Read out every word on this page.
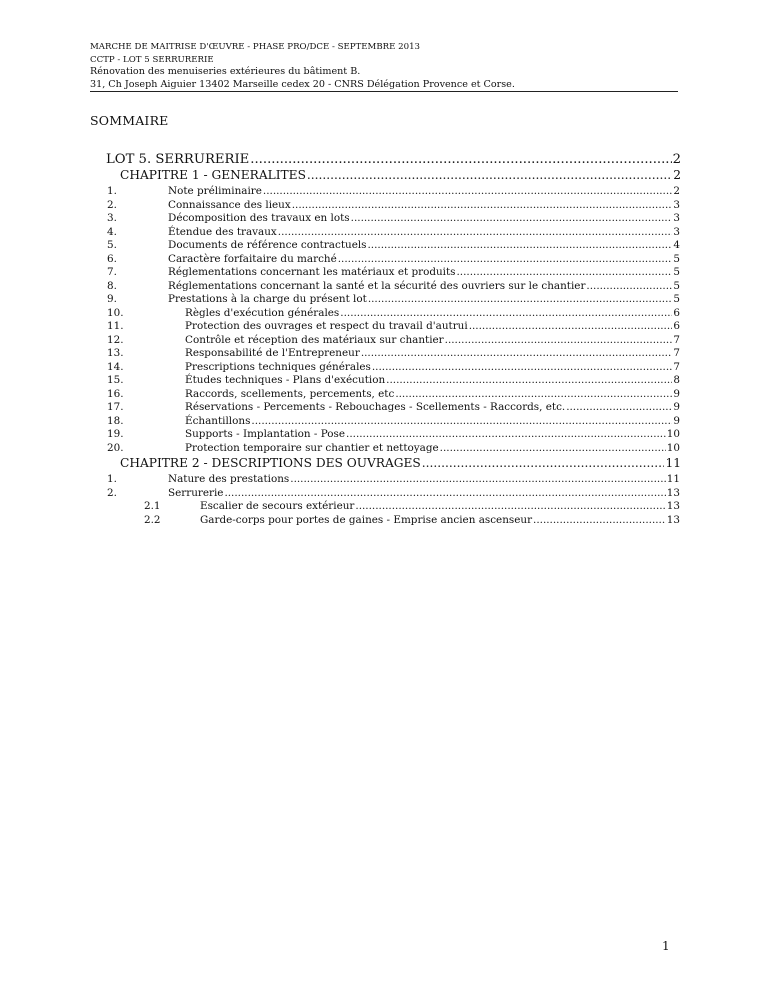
MARCHE DE MAITRISE D'ŒUVRE - PHASE PRO/DCE - SEPTEMBRE 2013
CCTP - LOT 5 SERRURERIE
Rénovation des menuiseries extérieures du bâtiment B.
31, Ch Joseph Aiguier 13402 Marseille cedex 20 - CNRS Délégation Provence et Corse.
SOMMAIRE
LOT 5. SERRURERIE .....	2
CHAPITRE 1 - GENERALITES .....	2
1.	Note préliminaire .....	2
2.	Connaissance des lieux .....	3
3.	Décomposition des travaux en lots .....	3
4.	Étendue des travaux .....	3
5.	Documents de référence contractuels .....	4
6.	Caractère forfaitaire du marché .....	5
7.	Réglementations concernant les matériaux et produits .....	5
8.	Réglementations concernant la santé et la sécurité des ouvriers sur le chantier .....	5
9.	Prestations à la charge du présent lot .....	5
10.	Règles d'exécution générales .....	6
11.	Protection des ouvrages et respect du travail d'autrui .....	6
12.	Contrôle et réception des matériaux sur chantier .....	7
13.	Responsabilité de l'Entrepreneur .....	7
14.	Prescriptions techniques générales .....	7
15.	Études techniques - Plans d'exécution .....	8
16.	Raccords, scellements, percements, etc .....	9
17.	Réservations - Percements - Rebouchages - Scellements - Raccords, etc. .....	9
18.	Échantillons .....	9
19.	Supports - Implantation - Pose .....	10
20.	Protection temporaire sur chantier et nettoyage .....	10
CHAPITRE 2 - DESCRIPTIONS DES OUVRAGES .....	11
1.	Nature des prestations .....	11
2.	Serrurerie .....	13
2.1	Escalier de secours extérieur .....	13
2.2	Garde-corps pour portes de gaines - Emprise ancien ascenseur .....	13
1
